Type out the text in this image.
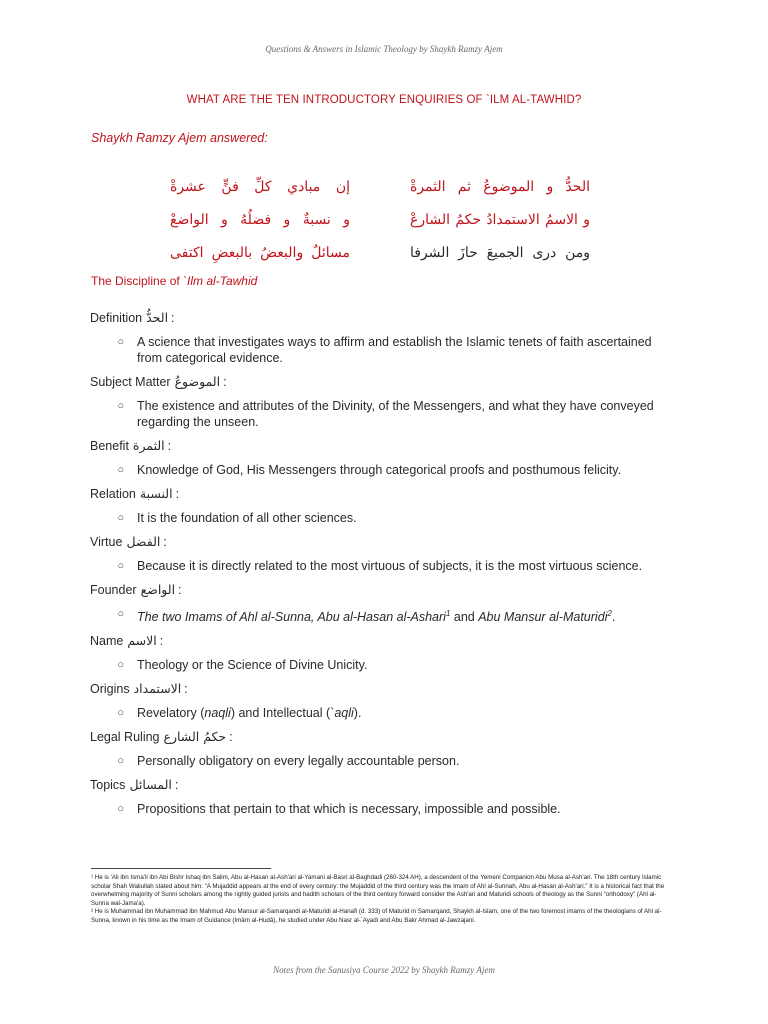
Questions & Answers in Islamic Theology by Shaykh Ramzy Ajem
WHAT ARE THE TEN INTRODUCTORY ENQUIRIES OF `ILM AL-TAWHID?
Shaykh Ramzy Ajem answered:
إن مبادي كلِّ فنٍّ عشرةْ	الحدُّ و الموضوعُ ثم الثمرةْ
و نسبةٌ و فضلُهُ و الواضعْ	و الاسمُ الاستمدادُ حكمُ الشارعْ
مسائلٌ والبعضُ بالبعضِ اكتفى	ومن درى الجميعَ حازَ الشرفا
The Discipline of `Ilm al-Tawhid
Definition الحدُّ :
○	A science that investigates ways to affirm and establish the Islamic tenets of faith ascertained from categorical evidence.
Subject Matter الموضوعُ :
○	The existence and attributes of the Divinity, of the Messengers, and what they have conveyed regarding the unseen.
Benefit الثمرة :
○	Knowledge of God, His Messengers through categorical proofs and posthumous felicity.
Relation النسبة :
○	It is the foundation of all other sciences.
Virtue الفضل :
○	Because it is directly related to the most virtuous of subjects, it is the most virtuous science.
Founder الواضع :
○	The two Imams of Ahl al-Sunna, Abu al-Hasan al-Ashari$^1$ and Abu Mansur al-Maturidi$^2$.
Name الاسم :
○	Theology or the Science of Divine Unicity.
Origins الاستمداد :
○	Revelatory (naqli) and Intellectual (`aqli).
Legal Ruling حكمُ الشارع :
○	Personally obligatory on every legally accountable person.
Topics المسائل :
○	Propositions that pertain to that which is necessary, impossible and possible.

¹ He is 'Ali ibn Isma'il ibn Abi Bishr Ishaq ibn Salim, Abu al-Hasan al-Ash'ari al-Yamani al-Basri al-Baghdadi (260-324 AH), a descendent of the Yemeni Companion Abu Musa al-Ash'ari. The 18th century Islamic scholar Shah Waliullah stated about him: "A Mujaddid appears at the end of every century: the Mujaddid of the third century was the Imam of Ahl al-Sunnah, Abu al-Hasan al-Ash'ari." It is a historical fact that the overwhelming majority of Sunni scholars among the rightly guided jurists and hadith scholars of the third century forward consider the Ash'ari and Maturidi schools of theology as the Sunni "orthodoxy" (Ahl al-Sunna wal-Jama'a).

² He is Muhammad ibn Muhammad ibn Mahmud Abu Mansur al-Samarqandi al-Maturidi al-Hanafi (d. 333) of Maturid in Samarqand, Shaykh al-Islam, one of the two foremost imams of the theologians of Ahl al-Sunna, known in his time as the Imam of Guidance (Imâm al-Hudâ), he studied under Abu Nasr al-`Ayadi and Abu Bakr Ahmad al-Jawzajani.

Notes from the Sanusiya Course 2022 by Shaykh Ramzy Ajem
